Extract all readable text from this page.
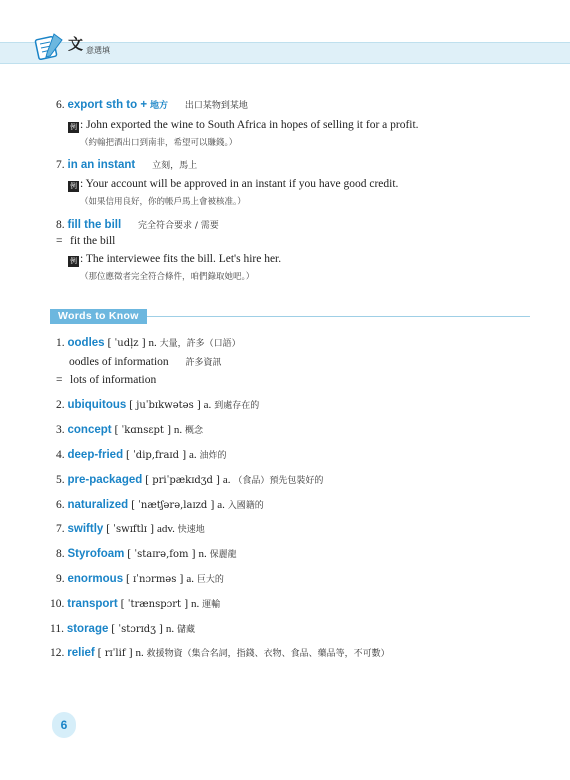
文 意選填
6. export sth to + 地方 出口某物到某地
例 : John exported the wine to South Africa in hopes of selling it for a profit.
（約翰把酒出口到南非，希望可以賺錢。）
7. in an instant 立刻，馬上
例 : Your account will be approved in an instant if you have good credit.
（如果信用良好，你的帳戶馬上會被核准。）
8. fill the bill 完全符合要求 / 需要
= fit the bill
例 : The interviewee fits the bill. Let's hire her.
（那位應徵者完全符合條件，咱們錄取她吧。）
Words to Know
1. oodles [ ˈudl̩z ] n. 大量，許多（口語）
oodles of information 許多資訊
= lots of information
2. ubiquitous [ juˈbɪkwətəs ] a. 到處存在的
3. concept [ ˈkɑnsɛpt ] n. 概念
4. deep-fried [ ˈdip,fraɪd ] a. 油炸的
5. pre-packaged [ priˈpækɪdʒd ] a. （食品）預先包裝好的
6. naturalized [ ˈnætʃərə,laɪzd ] a. 入國籍的
7. swiftly [ ˈswɪftlɪ ] adv. 快速地
8. Styrofoam [ ˈstaɪrə,fom ] n. 保麗龍
9. enormous [ ɪˈnɔrməs ] a. 巨大的
10. transport [ ˈtrænspɔrt ] n. 運輸
11. storage [ ˈstɔrɪdʒ ] n. 儲藏
12. relief [ rɪˈlif ] n. 救援物資（集合名詞，指錢、衣物、食品、藥品等，不可數）
6
